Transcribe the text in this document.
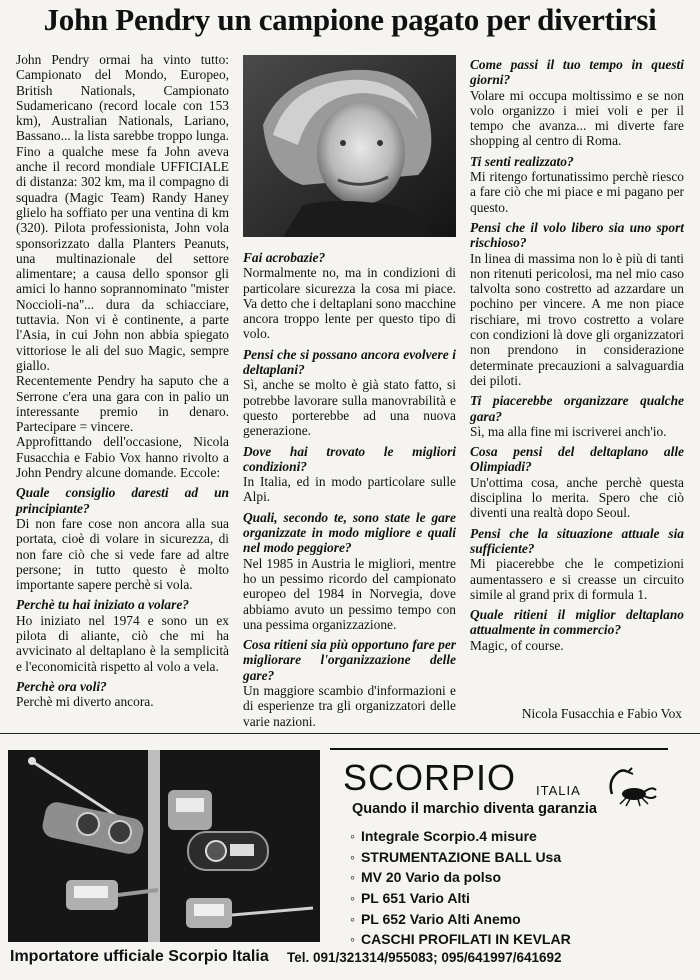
John Pendry un campione pagato per divertirsi

John Pendry ormai ha vinto tutto: Campionato del Mondo, Europeo, British Nationals, Campionato Sudamericano (record locale con 153 km), Australian Nationals, Lariano, Bassano... la lista sarebbe troppo lunga. Fino a qualche mese fa John aveva anche il record mondiale UFFICIALE di distanza: 302 km, ma il compagno di squadra (Magic Team) Randy Haney glielo ha soffiato per una ventina di km (320). Pilota professionista, John vola sponsorizzato dalla Planters Peanuts, una multinazionale del settore alimentare; a causa dello sponsor gli amici lo hanno soprannominato ''mister Noccioli-na''... dura da schiacciare, tuttavia. Non vi è continente, a parte l'Asia, in cui John non abbia spiegato vittoriose le ali del suo Magic, sempre giallo.

Recentemente Pendry ha saputo che a Serrone c'era una gara con in palio un interessante premio in denaro. Partecipare = vincere.

Approfittando dell'occasione, Nicola Fusacchia e Fabio Vox hanno rivolto a John Pendry alcune domande. Eccole:

Quale consiglio daresti ad un principiante?

Di non fare cose non ancora alla sua portata, cioè di volare in sicurezza, di non fare ciò che si vede fare ad altre persone; in tutto questo è molto importante sapere perchè si vola.

Perchè tu hai iniziato a volare?

Ho iniziato nel 1974 e sono un ex pilota di aliante, ciò che mi ha avvicinato al deltaplano è la semplicità e l'economicità rispetto al volo a vela.

Perchè ora voli?

Perchè mi diverto ancora.

Fai acrobazie?

Normalmente no, ma in condizioni di particolare sicurezza la cosa mi piace. Va detto che i deltaplani sono macchine ancora troppo lente per questo tipo di volo.

Pensi che si possano ancora evolvere i deltaplani?

Sì, anche se molto è già stato fatto, si potrebbe lavorare sulla manovrabilità e questo porterebbe ad una nuova generazione.

Dove hai trovato le migliori condizioni?

In Italia, ed in modo particolare sulle Alpi.

Quali, secondo te, sono state le gare organizzate in modo migliore e quali nel modo peggiore?

Nel 1985 in Austria le migliori, mentre ho un pessimo ricordo del campionato europeo del 1984 in Norvegia, dove abbiamo avuto un pessimo tempo con una pessima organizzazione.

Cosa ritieni sia più opportuno fare per migliorare l'organizzazione delle gare?

Un maggiore scambio d'informazioni e di esperienze tra gli organizzatori delle varie nazioni.

Come passi il tuo tempo in questi giorni?

Volare mi occupa moltissimo e se non volo organizzo i miei voli e per il tempo che avanza... mi diverte fare shopping al centro di Roma.

Ti senti realizzato?

Mi ritengo fortunatissimo perchè riesco a fare ciò che mi piace e mi pagano per questo.

Pensi che il volo libero sia uno sport rischioso?

In linea di massima non lo è più di tanti non ritenuti pericolosi, ma nel mio caso talvolta sono costretto ad azzardare un pochino per vincere. A me non piace rischiare, mi trovo costretto a volare con condizioni là dove gli organizzatori non prendono in considerazione determinate precauzioni a salvaguardia dei piloti.

Ti piacerebbe organizzare qualche gara?

Sì, ma alla fine mi iscriverei anch'io.

Cosa pensi del deltaplano alle Olimpiadi?

Un'ottima cosa, anche perchè questa disciplina lo merita. Spero che ciò diventi una realtà dopo Seoul.

Pensi che la situazione attuale sia sufficiente?

Mi piacerebbe che le competizioni aumentassero e si creasse un circuito simile al grand prix di formula 1.

Quale ritieni il miglior deltaplano attualmente in commercio?

Magic, of course.

Nicola Fusacchia e Fabio Vox
SCORPIO ITALIA
Quando il marchio diventa garanzia
◦ Integrale Scorpio.4 misure
◦ STRUMENTAZIONE BALL Usa
◦ MV 20 Vario da polso
◦ PL 651 Vario Alti
◦ PL 652 Vario Alti Anemo
◦ CASCHI PROFILATI IN KEVLAR
Importatore ufficiale Scorpio Italia Tel. 091/321314/955083; 095/641997/641692
